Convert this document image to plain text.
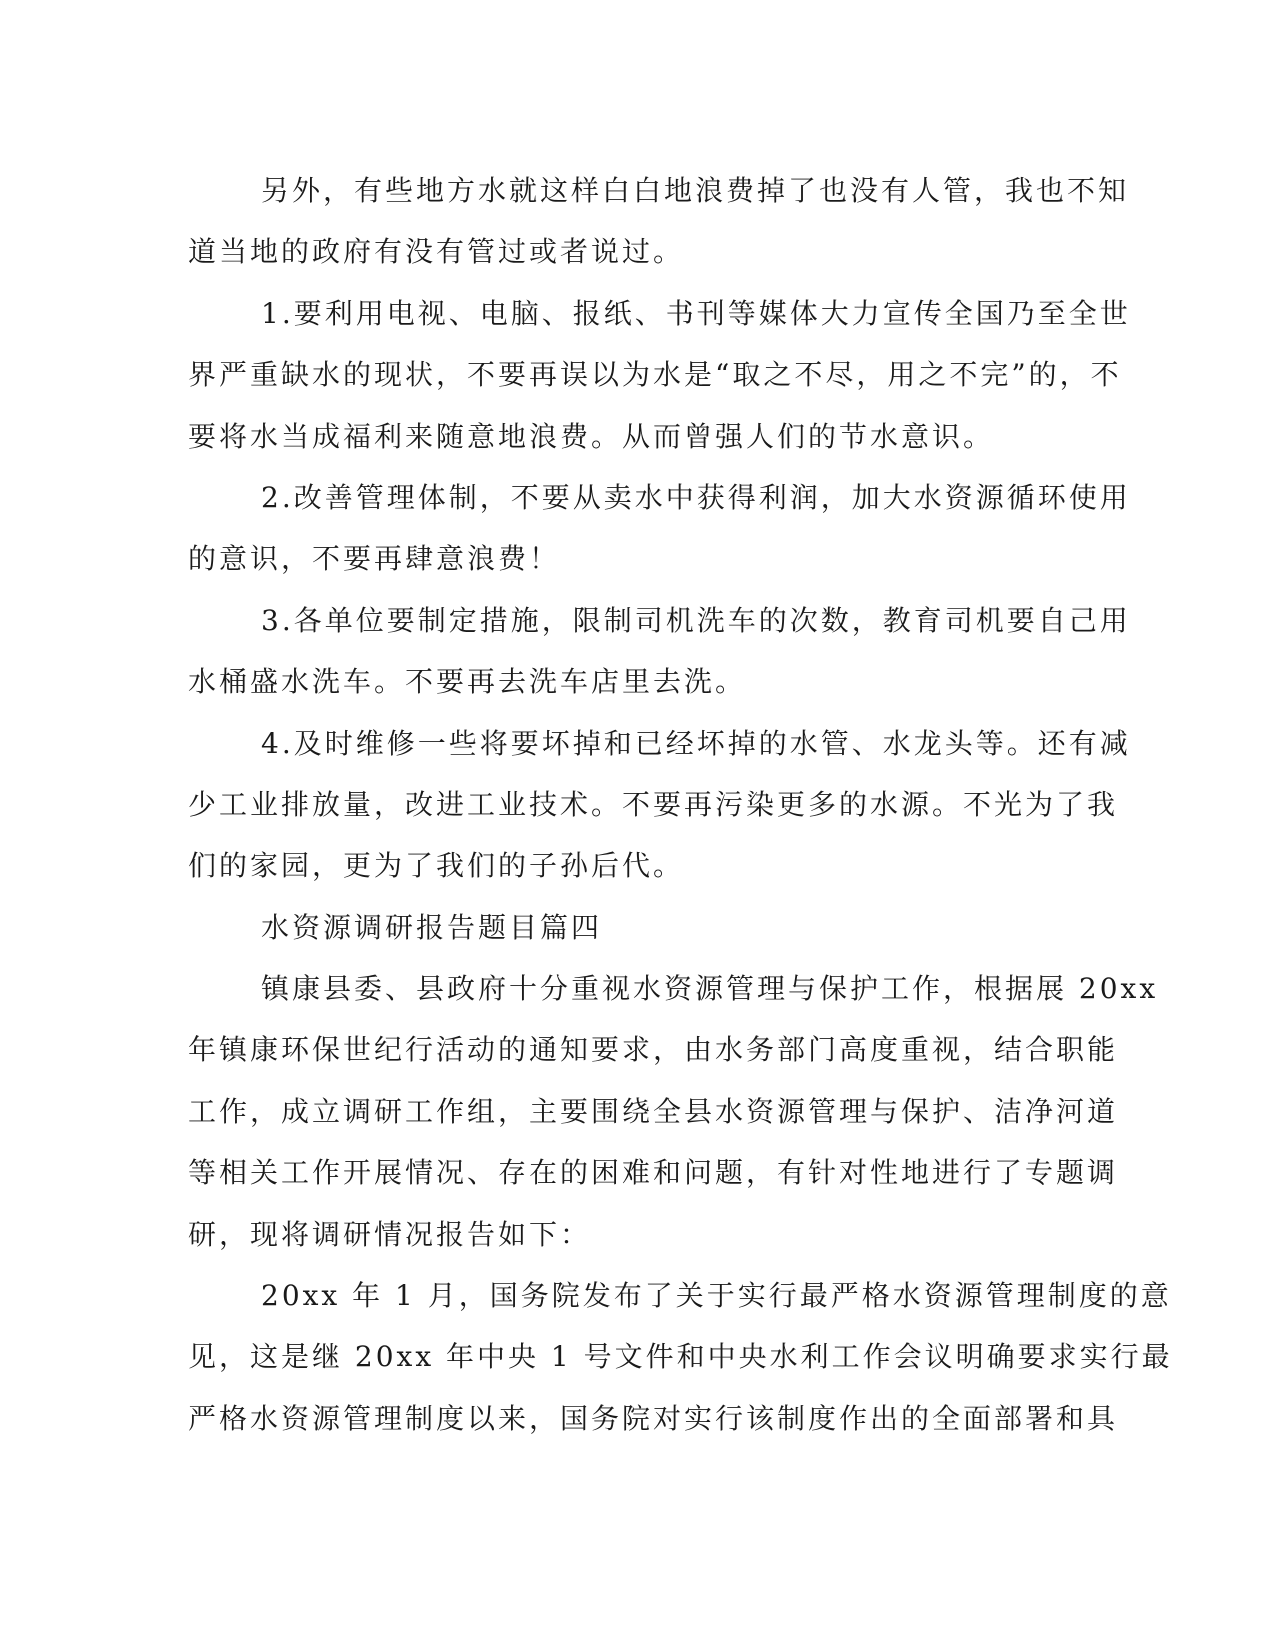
另外，有些地方水就这样白白地浪费掉了也没有人管，我也不知
道当地的政府有没有管过或者说过。
1.要利用电视、电脑、报纸、书刊等媒体大力宣传全国乃至全世
界严重缺水的现状，不要再误以为水是“取之不尽，用之不完”的，不
要将水当成福利来随意地浪费。从而曾强人们的节水意识。
2.改善管理体制，不要从卖水中获得利润，加大水资源循环使用
的意识，不要再肆意浪费！
3.各单位要制定措施，限制司机洗车的次数，教育司机要自己用
水桶盛水洗车。不要再去洗车店里去洗。
4.及时维修一些将要坏掉和已经坏掉的水管、水龙头等。还有减
少工业排放量，改进工业技术。不要再污染更多的水源。不光为了我
们的家园，更为了我们的子孙后代。
水资源调研报告题目篇四
镇康县委、县政府十分重视水资源管理与保护工作，根据展 20xx
年镇康环保世纪行活动的通知要求，由水务部门高度重视，结合职能
工作，成立调研工作组，主要围绕全县水资源管理与保护、洁净河道
等相关工作开展情况、存在的困难和问题，有针对性地进行了专题调
研，现将调研情况报告如下：
20xx 年 1 月，国务院发布了关于实行最严格水资源管理制度的意
见，这是继 20xx 年中央 1 号文件和中央水利工作会议明确要求实行最
严格水资源管理制度以来，国务院对实行该制度作出的全面部署和具
